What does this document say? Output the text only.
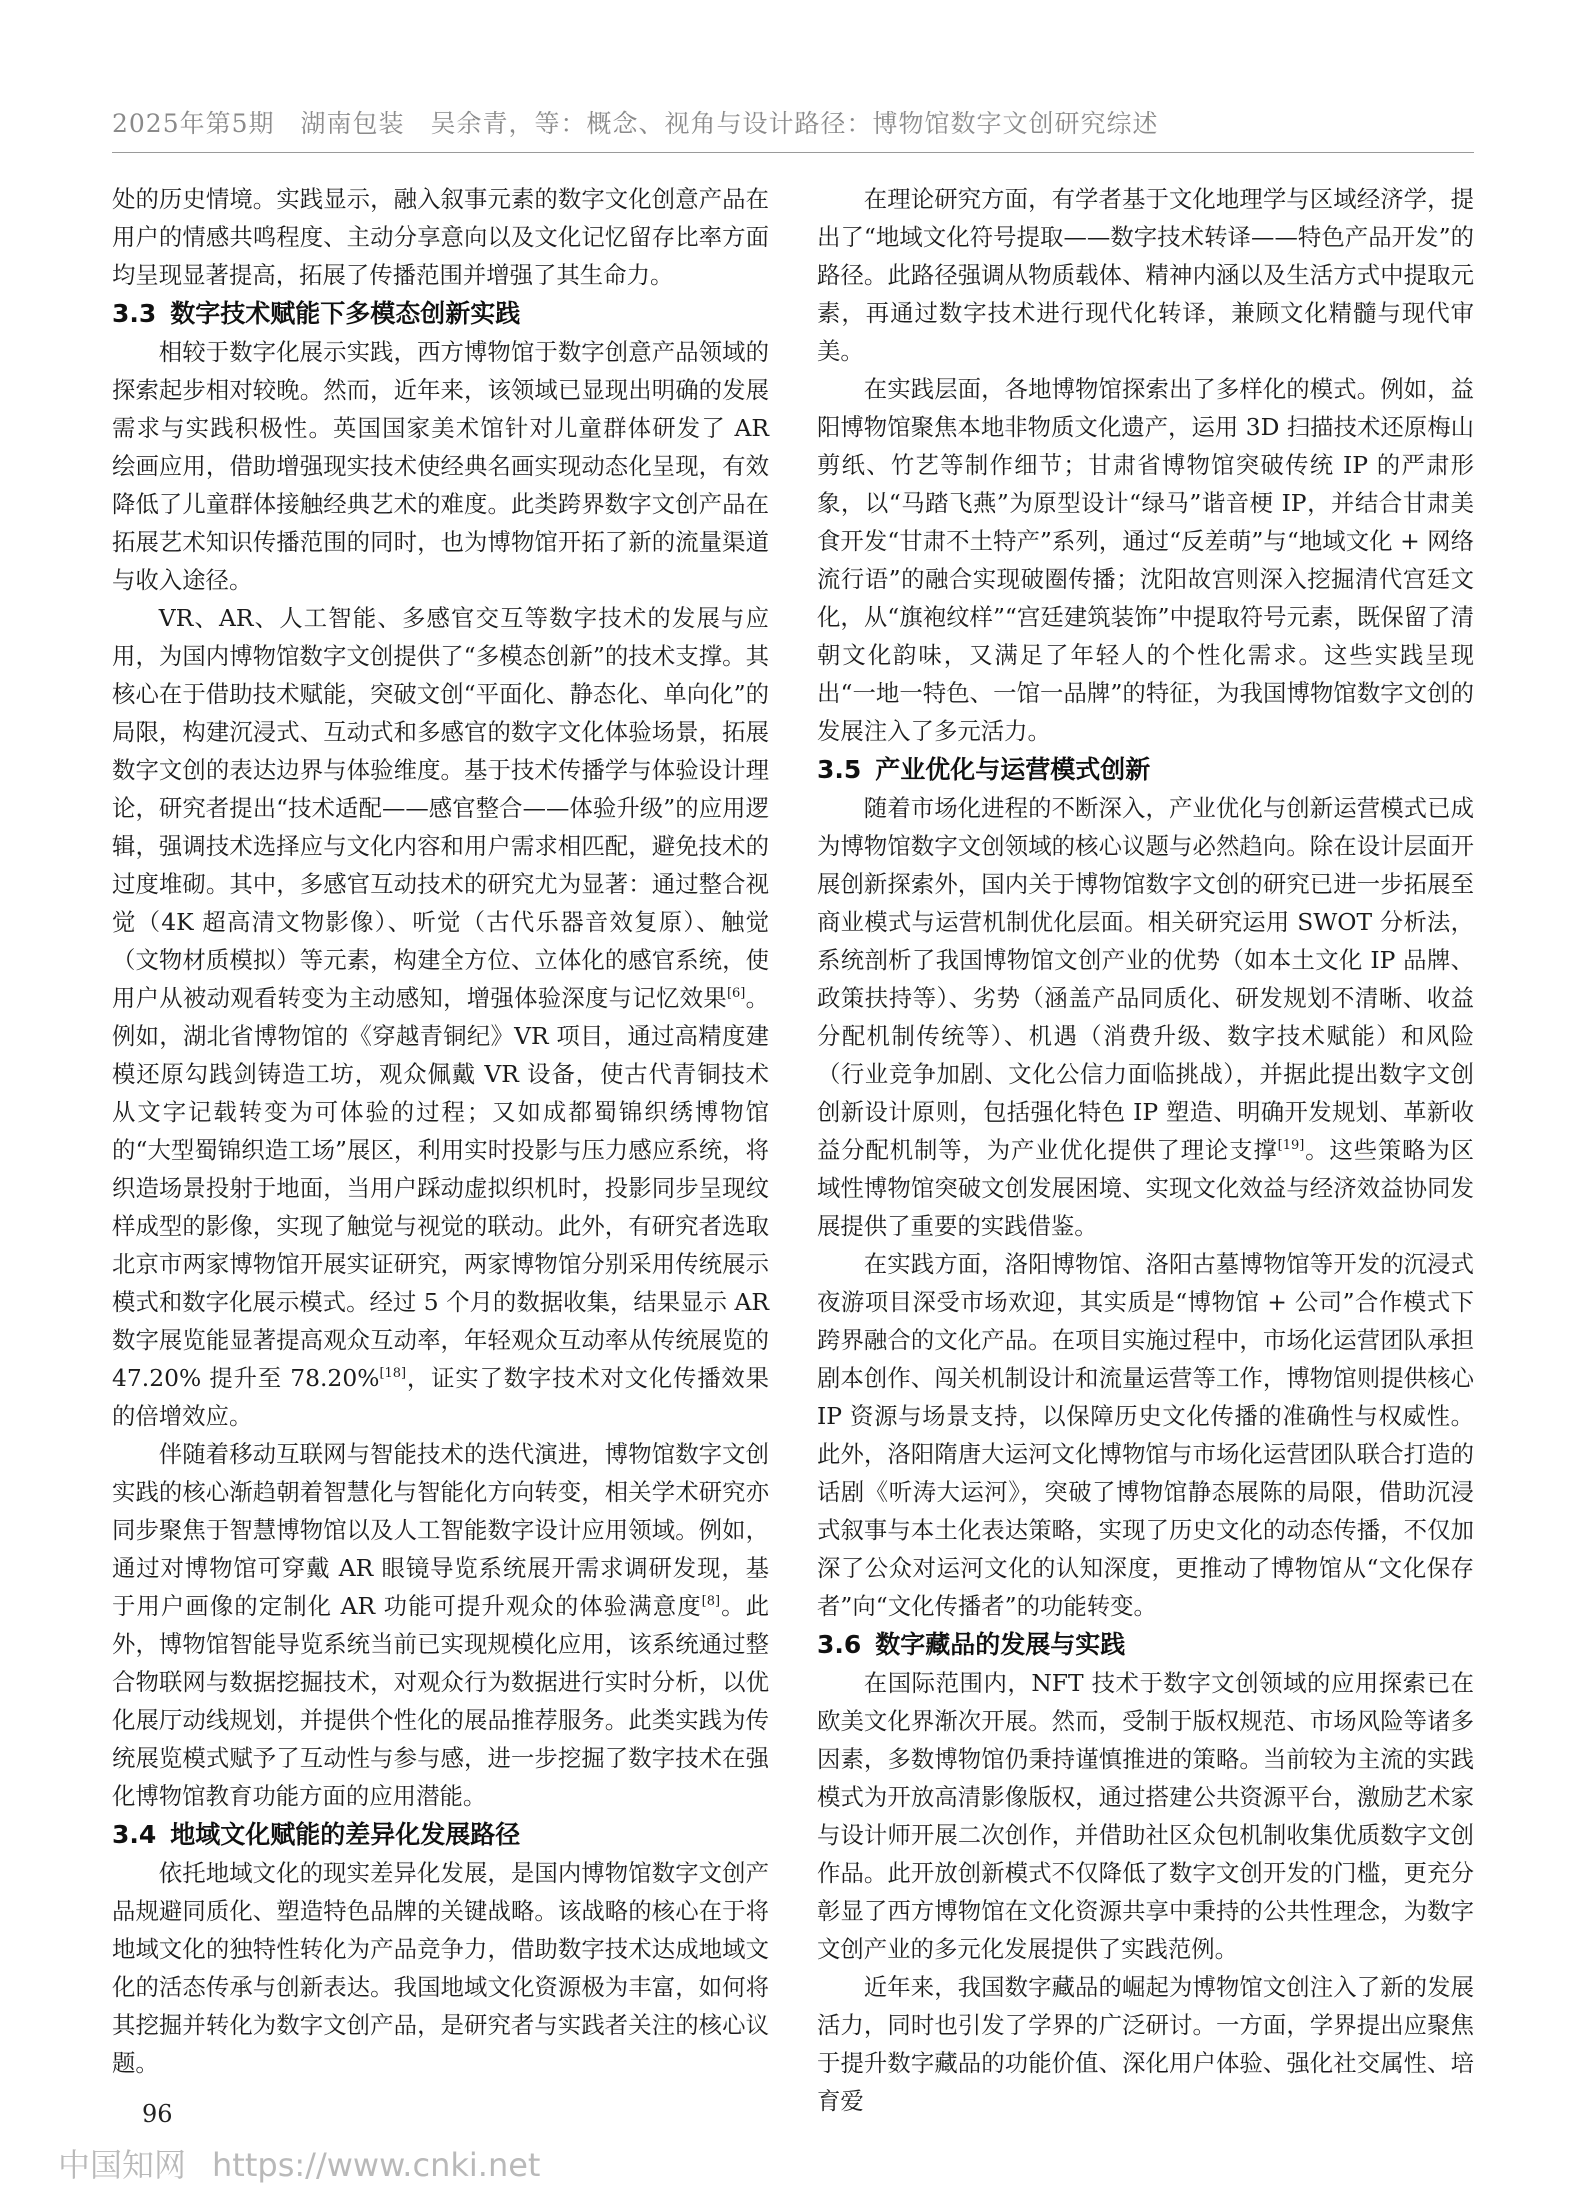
2025年第5期　湖南包装　吴余青，等：概念、视角与设计路径：博物馆数字文创研究综述

处的历史情境。实践显示，融入叙事元素的数字文化创意产品在用户的情感共鸣程度、主动分享意向以及文化记忆留存比率方面均呈现显著提高，拓展了传播范围并增强了其生命力。

3.3 数字技术赋能下多模态创新实践

相较于数字化展示实践，西方博物馆于数字创意产品领域的探索起步相对较晚。然而，近年来，该领域已显现出明确的发展需求与实践积极性。英国国家美术馆针对儿童群体研发了 AR 绘画应用，借助增强现实技术使经典名画实现动态化呈现，有效降低了儿童群体接触经典艺术的难度。此类跨界数字文创产品在拓展艺术知识传播范围的同时，也为博物馆开拓了新的流量渠道与收入途径。

VR、AR、人工智能、多感官交互等数字技术的发展与应用，为国内博物馆数字文创提供了“多模态创新”的技术支撑。其核心在于借助技术赋能，突破文创“平面化、静态化、单向化”的局限，构建沉浸式、互动式和多感官的数字文化体验场景，拓展数字文创的表达边界与体验维度。基于技术传播学与体验设计理论，研究者提出“技术适配——感官整合——体验升级”的应用逻辑，强调技术选择应与文化内容和用户需求相匹配，避免技术的过度堆砌。其中，多感官互动技术的研究尤为显著：通过整合视觉（4K 超高清文物影像）、听觉（古代乐器音效复原）、触觉（文物材质模拟）等元素，构建全方位、立体化的感官系统，使用户从被动观看转变为主动感知，增强体验深度与记忆效果[6]。例如，湖北省博物馆的《穿越青铜纪》VR 项目，通过高精度建模还原勾践剑铸造工坊，观众佩戴 VR 设备，使古代青铜技术从文字记载转变为可体验的过程；又如成都蜀锦织绣博物馆的“大型蜀锦织造工场”展区，利用实时投影与压力感应系统，将织造场景投射于地面，当用户踩动虚拟织机时，投影同步呈现纹样成型的影像，实现了触觉与视觉的联动。此外，有研究者选取北京市两家博物馆开展实证研究，两家博物馆分别采用传统展示模式和数字化展示模式。经过 5 个月的数据收集，结果显示 AR 数字展览能显著提高观众互动率，年轻观众互动率从传统展览的 47.20% 提升至 78.20%[18]，证实了数字技术对文化传播效果的倍增效应。

伴随着移动互联网与智能技术的迭代演进，博物馆数字文创实践的核心渐趋朝着智慧化与智能化方向转变，相关学术研究亦同步聚焦于智慧博物馆以及人工智能数字设计应用领域。例如，通过对博物馆可穿戴 AR 眼镜导览系统展开需求调研发现，基于用户画像的定制化 AR 功能可提升观众的体验满意度[8]。此外，博物馆智能导览系统当前已实现规模化应用，该系统通过整合物联网与数据挖掘技术，对观众行为数据进行实时分析，以优化展厅动线规划，并提供个性化的展品推荐服务。此类实践为传统展览模式赋予了互动性与参与感，进一步挖掘了数字技术在强化博物馆教育功能方面的应用潜能。

3.4 地域文化赋能的差异化发展路径

依托地域文化的现实差异化发展，是国内博物馆数字文创产品规避同质化、塑造特色品牌的关键战略。该战略的核心在于将地域文化的独特性转化为产品竞争力，借助数字技术达成地域文化的活态传承与创新表达。我国地域文化资源极为丰富，如何将其挖掘并转化为数字文创产品，是研究者与实践者关注的核心议题。

在理论研究方面，有学者基于文化地理学与区域经济学，提出了“地域文化符号提取——数字技术转译——特色产品开发”的路径。此路径强调从物质载体、精神内涵以及生活方式中提取元素，再通过数字技术进行现代化转译，兼顾文化精髓与现代审美。

在实践层面，各地博物馆探索出了多样化的模式。例如，益阳博物馆聚焦本地非物质文化遗产，运用 3D 扫描技术还原梅山剪纸、竹艺等制作细节；甘肃省博物馆突破传统 IP 的严肃形象，以“马踏飞燕”为原型设计“绿马”谐音梗 IP，并结合甘肃美食开发“甘肃不土特产”系列，通过“反差萌”与“地域文化 + 网络流行语”的融合实现破圈传播；沈阳故宫则深入挖掘清代宫廷文化，从“旗袍纹样”“宫廷建筑装饰”中提取符号元素，既保留了清朝文化韵味，又满足了年轻人的个性化需求。这些实践呈现出“一地一特色、一馆一品牌”的特征，为我国博物馆数字文创的发展注入了多元活力。

3.5 产业优化与运营模式创新

随着市场化进程的不断深入，产业优化与创新运营模式已成为博物馆数字文创领域的核心议题与必然趋向。除在设计层面开展创新探索外，国内关于博物馆数字文创的研究已进一步拓展至商业模式与运营机制优化层面。相关研究运用 SWOT 分析法，系统剖析了我国博物馆文创产业的优势（如本土文化 IP 品牌、政策扶持等）、劣势（涵盖产品同质化、研发规划不清晰、收益分配机制传统等）、机遇（消费升级、数字技术赋能）和风险（行业竞争加剧、文化公信力面临挑战），并据此提出数字文创创新设计原则，包括强化特色 IP 塑造、明确开发规划、革新收益分配机制等，为产业优化提供了理论支撑[19]。这些策略为区域性博物馆突破文创发展困境、实现文化效益与经济效益协同发展提供了重要的实践借鉴。

在实践方面，洛阳博物馆、洛阳古墓博物馆等开发的沉浸式夜游项目深受市场欢迎，其实质是“博物馆 + 公司”合作模式下跨界融合的文化产品。在项目实施过程中，市场化运营团队承担剧本创作、闯关机制设计和流量运营等工作，博物馆则提供核心 IP 资源与场景支持，以保障历史文化传播的准确性与权威性。此外，洛阳隋唐大运河文化博物馆与市场化运营团队联合打造的话剧《听涛大运河》，突破了博物馆静态展陈的局限，借助沉浸式叙事与本土化表达策略，实现了历史文化的动态传播，不仅加深了公众对运河文化的认知深度，更推动了博物馆从“文化保存者”向“文化传播者”的功能转变。

3.6 数字藏品的发展与实践

在国际范围内，NFT 技术于数字文创领域的应用探索已在欧美文化界渐次开展。然而，受制于版权规范、市场风险等诸多因素，多数博物馆仍秉持谨慎推进的策略。当前较为主流的实践模式为开放高清影像版权，通过搭建公共资源平台，激励艺术家与设计师开展二次创作，并借助社区众包机制收集优质数字文创作品。此开放创新模式不仅降低了数字文创开发的门槛，更充分彰显了西方博物馆在文化资源共享中秉持的公共性理念，为数字文创产业的多元化发展提供了实践范例。

近年来，我国数字藏品的崛起为博物馆文创注入了新的发展活力，同时也引发了学界的广泛研讨。一方面，学界提出应聚焦于提升数字藏品的功能价值、深化用户体验、强化社交属性、培育爱

96
中国知网 https://www.cnki.net
